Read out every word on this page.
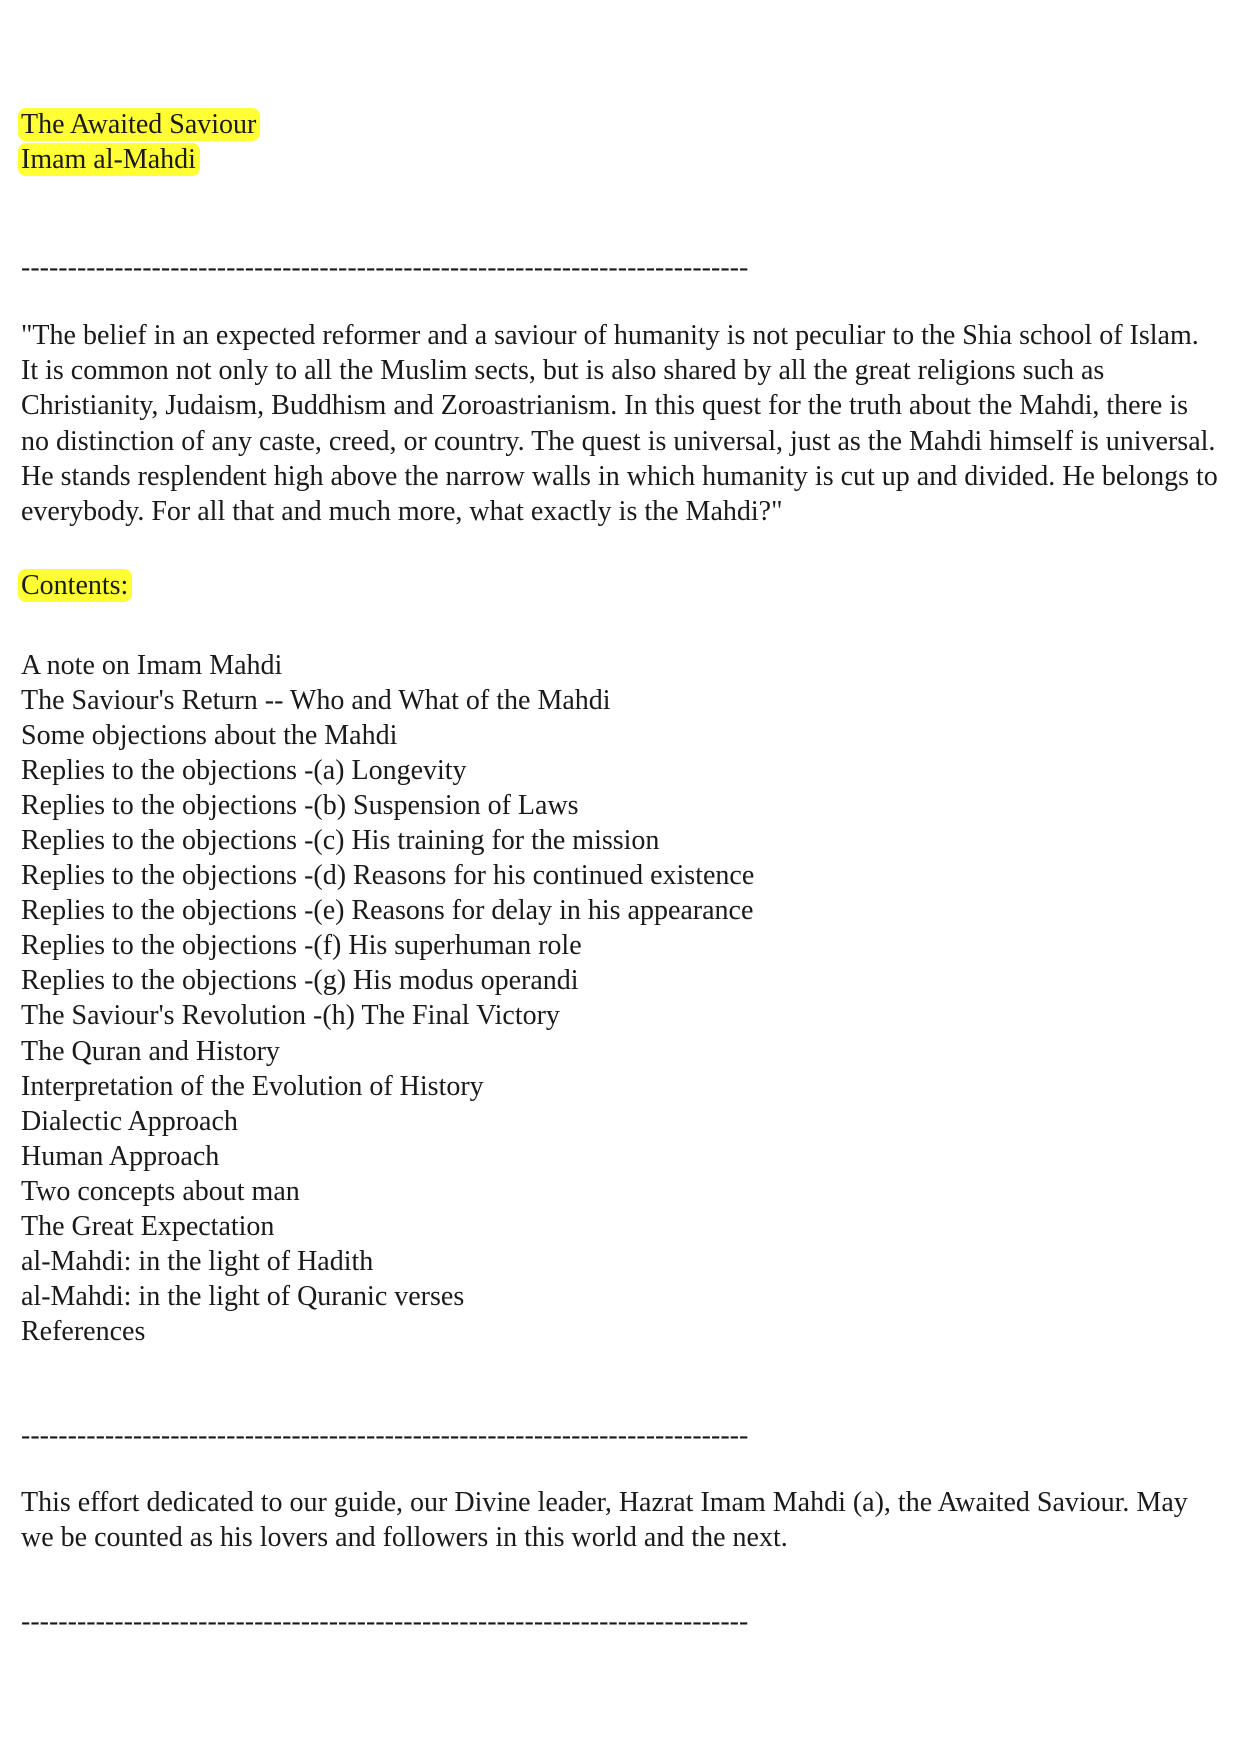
The Awaited Saviour
Imam al-Mahdi
------------------------------------------------------------------------------
"The belief in an expected reformer and a saviour of humanity is not peculiar to the Shia school of Islam. It is common not only to all the Muslim sects, but is also shared by all the great religions such as Christianity, Judaism, Buddhism and Zoroastrianism. In this quest for the truth about the Mahdi, there is no distinction of any caste, creed, or country. The quest is universal, just as the Mahdi himself is universal. He stands resplendent high above the narrow walls in which humanity is cut up and divided. He belongs to everybody. For all that and much more, what exactly is the Mahdi?"
Contents:
A note on Imam Mahdi
The Saviour's Return -- Who and What of the Mahdi
Some objections about the Mahdi
Replies to the objections -(a) Longevity
Replies to the objections -(b) Suspension of Laws
Replies to the objections -(c) His training for the mission
Replies to the objections -(d) Reasons for his continued existence
Replies to the objections -(e) Reasons for delay in his appearance
Replies to the objections -(f) His superhuman role
Replies to the objections -(g) His modus operandi
The Saviour's Revolution -(h) The Final Victory
The Quran and History
Interpretation of the Evolution of History
Dialectic Approach
Human Approach
Two concepts about man
The Great Expectation
al-Mahdi: in the light of Hadith
al-Mahdi: in the light of Quranic verses
References
------------------------------------------------------------------------------
This effort dedicated to our guide, our Divine leader, Hazrat Imam Mahdi (a), the Awaited Saviour. May we be counted as his lovers and followers in this world and the next.
------------------------------------------------------------------------------
